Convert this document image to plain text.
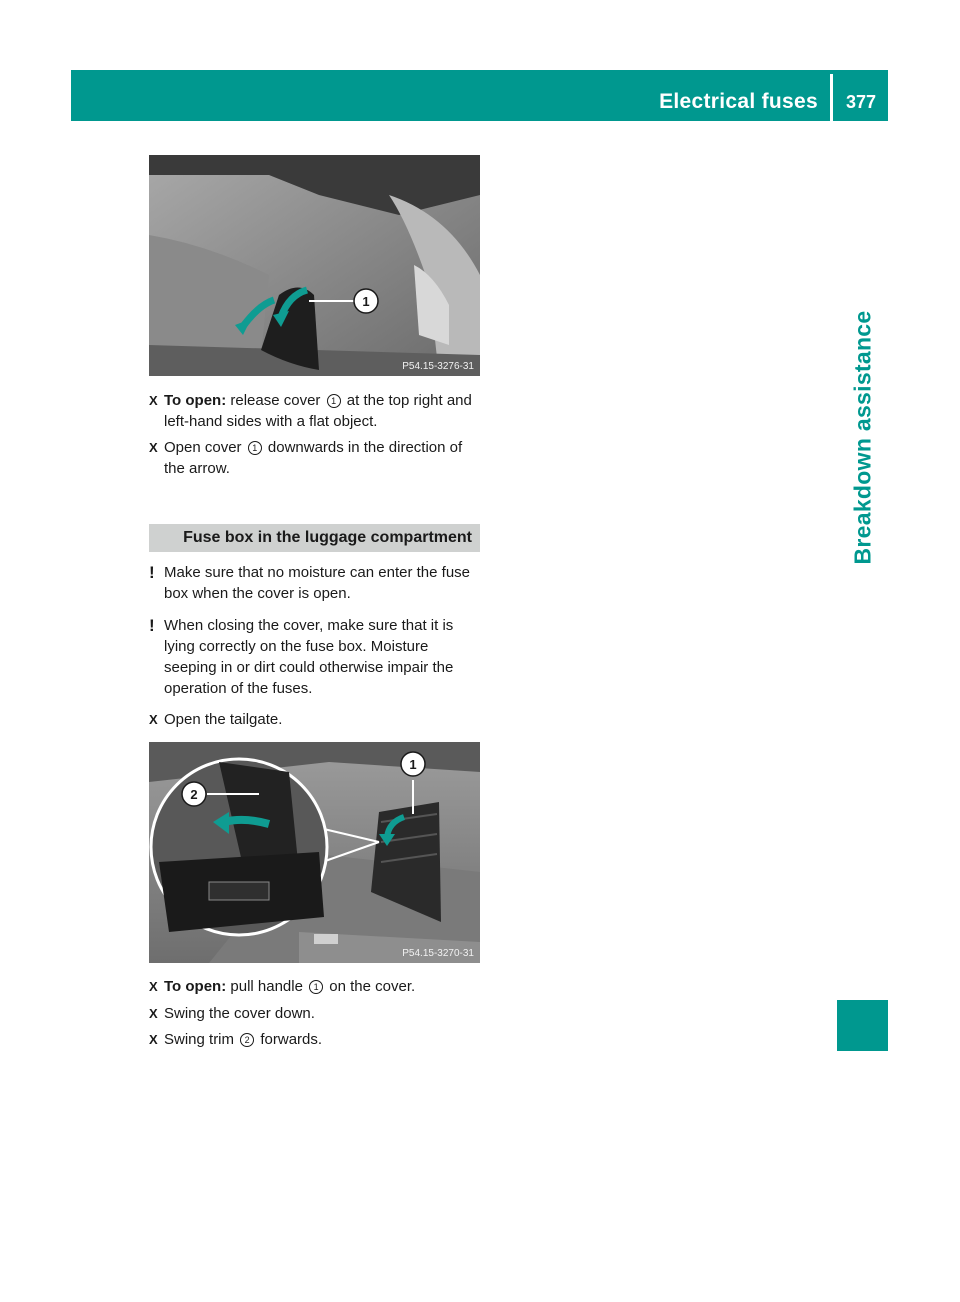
Electrical fuses 377
Breakdown assistance
1
P54.15-3276-31
X To open: release cover 1 at the top right and left-hand sides with a flat object.
X Open cover 1 downwards in the direction of the arrow.
Fuse box in the luggage compartment
! Make sure that no moisture can enter the fuse box when the cover is open.
! When closing the cover, make sure that it is lying correctly on the fuse box. Moisture seeping in or dirt could otherwise impair the operation of the fuses.
X Open the tailgate.
1
2
P54.15-3270-31
X To open: pull handle 1 on the cover.
X Swing the cover down.
X Swing trim 2 forwards.
